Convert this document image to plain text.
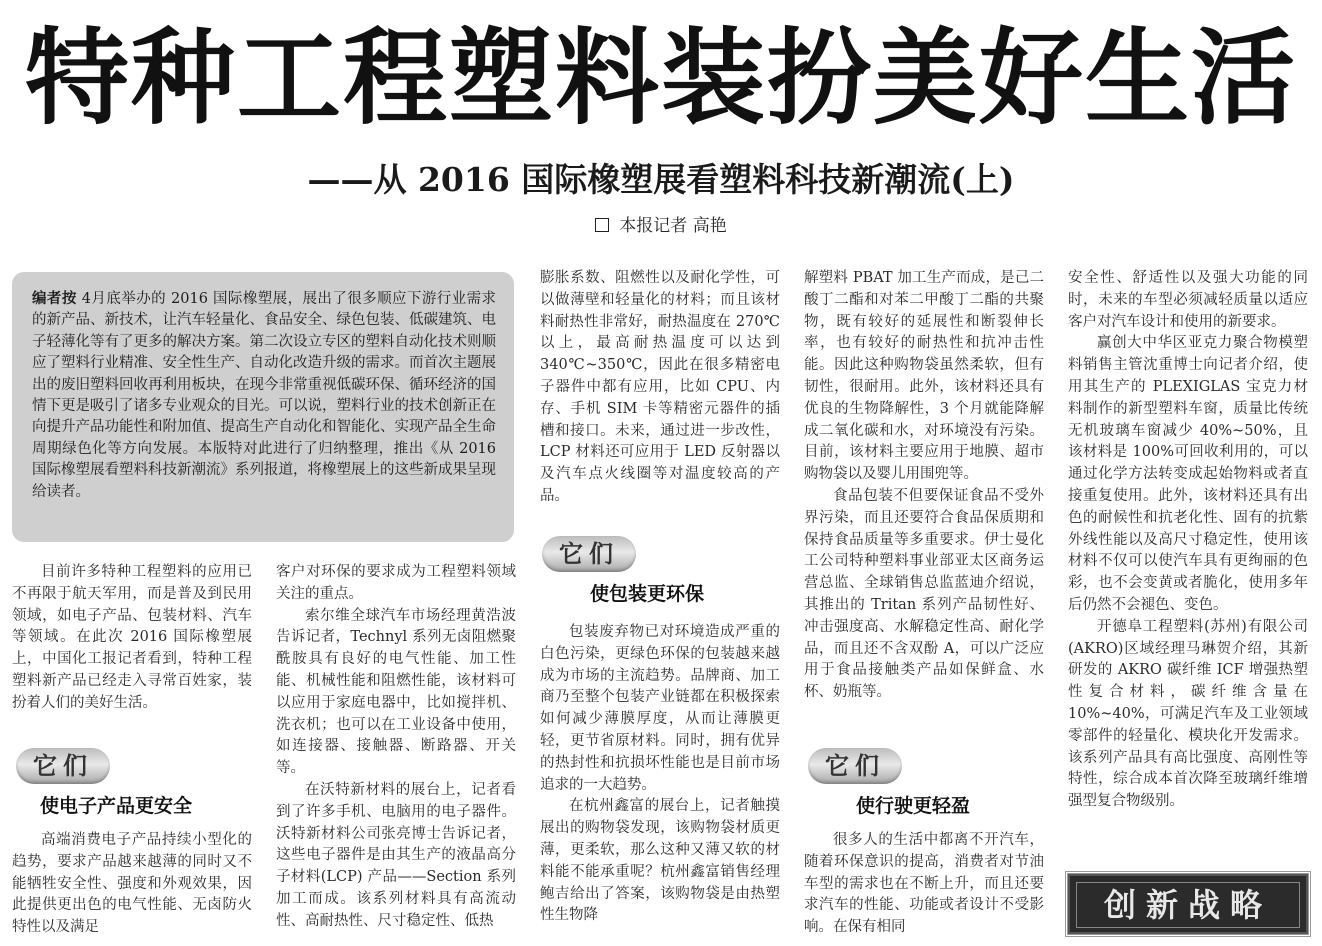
特种工程塑料装扮美好生活
——从 2016 国际橡塑展看塑料科技新潮流(上)
本报记者 高艳
编者按 4月底举办的 2016 国际橡塑展，展出了很多顺应下游行业需求的新产品、新技术，让汽车轻量化、食品安全、绿色包装、低碳建筑、电子轻薄化等有了更多的解决方案。第二次设立专区的塑料自动化技术则顺应了塑料行业精准、安全性生产、自动化改造升级的需求。而首次主题展出的废旧塑料回收再利用板块，在现今非常重视低碳环保、循环经济的国情下更是吸引了诸多专业观众的目光。可以说，塑料行业的技术创新正在向提升产品功能性和附加值、提高生产自动化和智能化、实现产品全生命周期绿色化等方向发展。本版特对此进行了归纳整理，推出《从 2016 国际橡塑展看塑料科技新潮流》系列报道，将橡塑展上的这些新成果呈现给读者。

目前许多特种工程塑料的应用已不再限于航天军用，而是普及到民用领域，如电子产品、包装材料、汽车等领域。在此次 2016 国际橡塑展上，中国化工报记者看到，特种工程塑料新产品已经走入寻常百姓家，装扮着人们的美好生活。

它们
使电子产品更安全

高端消费电子产品持续小型化的趋势，要求产品越来越薄的同时又不能牺牲安全性、强度和外观效果，因此提供更出色的电气性能、无卤防火特性以及满足

客户对环保的要求成为工程塑料领域关注的重点。

索尔维全球汽车市场经理黄浩波告诉记者，Technyl 系列无卤阻燃聚酰胺具有良好的电气性能、加工性能、机械性能和阻燃性能，该材料可以应用于家庭电器中，比如搅拌机、洗衣机；也可以在工业设备中使用，如连接器、接触器、断路器、开关等。

在沃特新材料的展台上，记者看到了许多手机、电脑用的电子器件。沃特新材料公司张亮博士告诉记者，这些电子器件是由其生产的液晶高分子材料(LCP) 产品——Section 系列加工而成。该系列材料具有高流动性、高耐热性、尺寸稳定性、低热

膨胀系数、阻燃性以及耐化学性，可以做薄壁和轻量化的材料；而且该材料耐热性非常好，耐热温度在 270℃以上，最高耐热温度可以达到 340℃~350℃，因此在很多精密电子器件中都有应用，比如 CPU、内存、手机 SIM 卡等精密元器件的插槽和接口。未来，通过进一步改性，LCP 材料还可应用于 LED 反射器以及汽车点火线圈等对温度较高的产品。

它们
使包装更环保

包装废弃物已对环境造成严重的白色污染，更绿色环保的包装越来越成为市场的主流趋势。品牌商、加工商乃至整个包装产业链都在积极探索如何减少薄膜厚度，从而让薄膜更轻，更节省原材料。同时，拥有优异的热封性和抗损坏性能也是目前市场追求的一大趋势。

在杭州鑫富的展台上，记者触摸展出的购物袋发现，该购物袋材质更薄，更柔软，那么这种又薄又软的材料能不能承重呢？杭州鑫富销售经理鲍吉给出了答案，该购物袋是由热塑性生物降

解塑料 PBAT 加工生产而成，是己二酸丁二酯和对苯二甲酸丁二酯的共聚物，既有较好的延展性和断裂伸长率，也有较好的耐热性和抗冲击性能。因此这种购物袋虽然柔软，但有韧性，很耐用。此外，该材料还具有优良的生物降解性，3 个月就能降解成二氧化碳和水，对环境没有污染。目前，该材料主要应用于地膜、超市购物袋以及婴儿用围兜等。

食品包装不但要保证食品不受外界污染，而且还要符合食品保质期和保持食品质量等多重要求。伊士曼化工公司特种塑料事业部亚太区商务运营总监、全球销售总监蓝迪介绍说，其推出的 Tritan 系列产品韧性好、冲击强度高、水解稳定性高、耐化学品，而且还不含双酚 A，可以广泛应用于食品接触类产品如保鲜盒、水杯、奶瓶等。

它们
使行驶更轻盈

很多人的生活中都离不开汽车，随着环保意识的提高，消费者对节油车型的需求也在不断上升，而且还要求汽车的性能、功能或者设计不受影响。在保有相同

安全性、舒适性以及强大功能的同时，未来的车型必须减轻质量以适应客户对汽车设计和使用的新要求。

赢创大中华区亚克力聚合物模塑料销售主管沈重博士向记者介绍，使用其生产的 PLEXIGLAS 宝克力材料制作的新型塑料车窗，质量比传统无机玻璃车窗减少 40%~50%，且该材料是 100%可回收利用的，可以通过化学方法转变成起始物料或者直接重复使用。此外，该材料还具有出色的耐候性和抗老化性、固有的抗紫外线性能以及高尺寸稳定性，使用该材料不仅可以使汽车具有更绚丽的色彩，也不会变黄或者脆化，使用多年后仍然不会褪色、变色。

开德阜工程塑料(苏州)有限公司(AKRO)区域经理马琳贺介绍，其新研发的 AKRO 碳纤维 ICF 增强热塑性复合材料，碳纤维含量在 10%~40%，可满足汽车及工业领域零部件的轻量化、模块化开发需求。该系列产品具有高比强度、高刚性等特性，综合成本首次降至玻璃纤维增强型复合物级别。

创新战略
